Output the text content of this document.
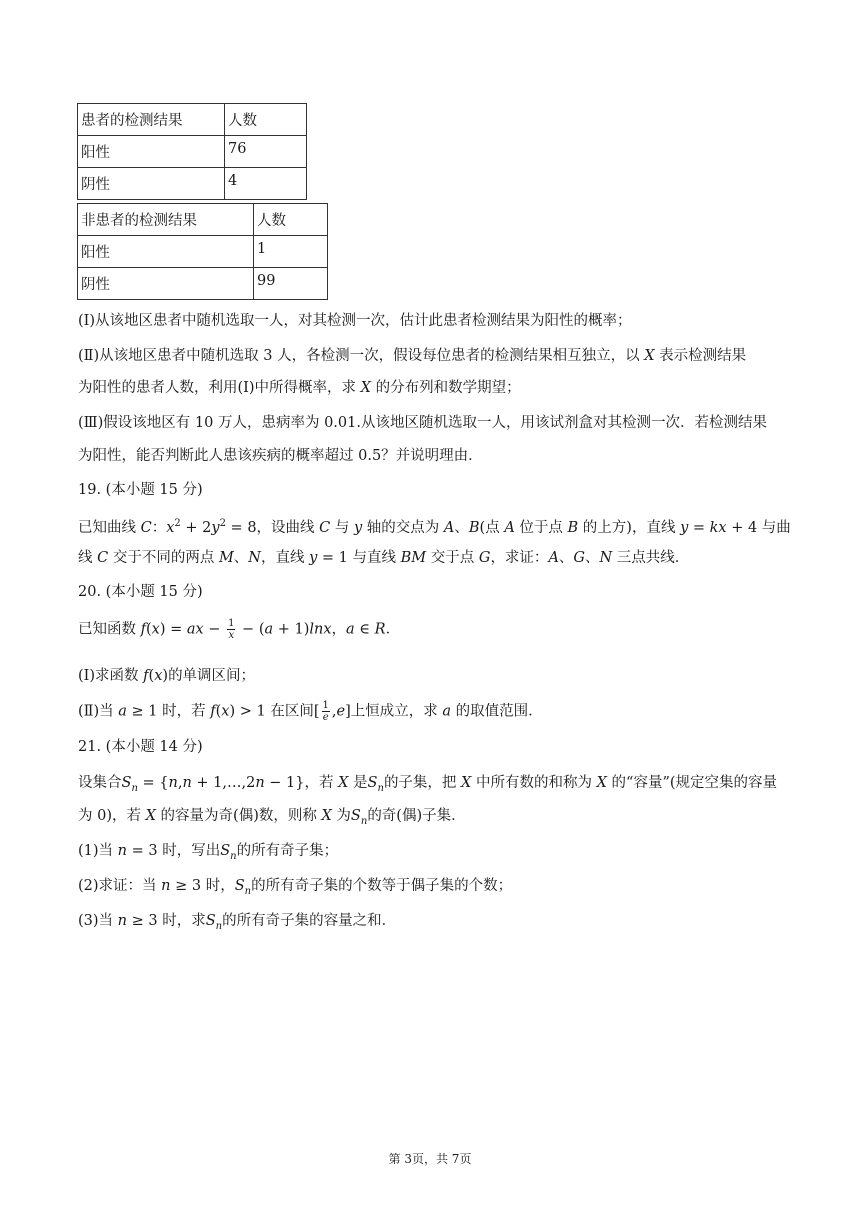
患者的检测结果	人数
阳性	76
阴性	4
非患者的检测结果	人数
阳性	1
阴性	99
(Ⅰ)从该地区患者中随机选取一人，对其检测一次，估计此患者检测结果为阳性的概率；
(Ⅱ)从该地区患者中随机选取 3 人，各检测一次，假设每位患者的检测结果相互独立，以 X 表示检测结果
为阳性的患者人数，利用(Ⅰ)中所得概率，求 X 的分布列和数学期望；
(Ⅲ)假设该地区有 10 万人，患病率为 0.01.从该地区随机选取一人，用该试剂盒对其检测一次．若检测结果
为阳性，能否判断此人患该疾病的概率超过 0.5？并说明理由．
19. (本小题 15 分)
已知曲线 C：$x^2 + 2y^2 = 8$，设曲线 C 与 y 轴的交点为 A、B(点 A 位于点 B 的上方)，直线 y = kx + 4 与曲
线 C 交于不同的两点 M、N，直线 y = 1 与直线 BM 交于点 G，求证：A、G、N 三点共线．
20. (本小题 15 分)
已知函数 f(x) = ax − $\frac{1}{x} - (a + 1)\ln x$，a ∈ R．
(Ⅰ)求函数 f(x)的单调区间；
(Ⅱ)当 a ≥ 1 时，若 f(x) > 1 在区间[ $\frac{1}{e} ,e$]上恒成立，求 a 的取值范围．
21. (本小题 14 分)
设集合$S_n = \{n,n$ + 1,…,2n − 1}，若 X 是$S_n$的子集，把 X 中所有数的和称为 X 的“容量”(规定空集的容量
为 0)，若 X 的容量为奇(偶)数，则称 X 为$S_n$的奇(偶)子集．
(1)当 n = 3 时，写出$S_n$的所有奇子集；
(2)求证：当 n ≥ 3 时，$S_n$的所有奇子集的个数等于偶子集的个数；
(3)当 n ≥ 3 时，求$S_n$的所有奇子集的容量之和．
第 3页，共 7页
